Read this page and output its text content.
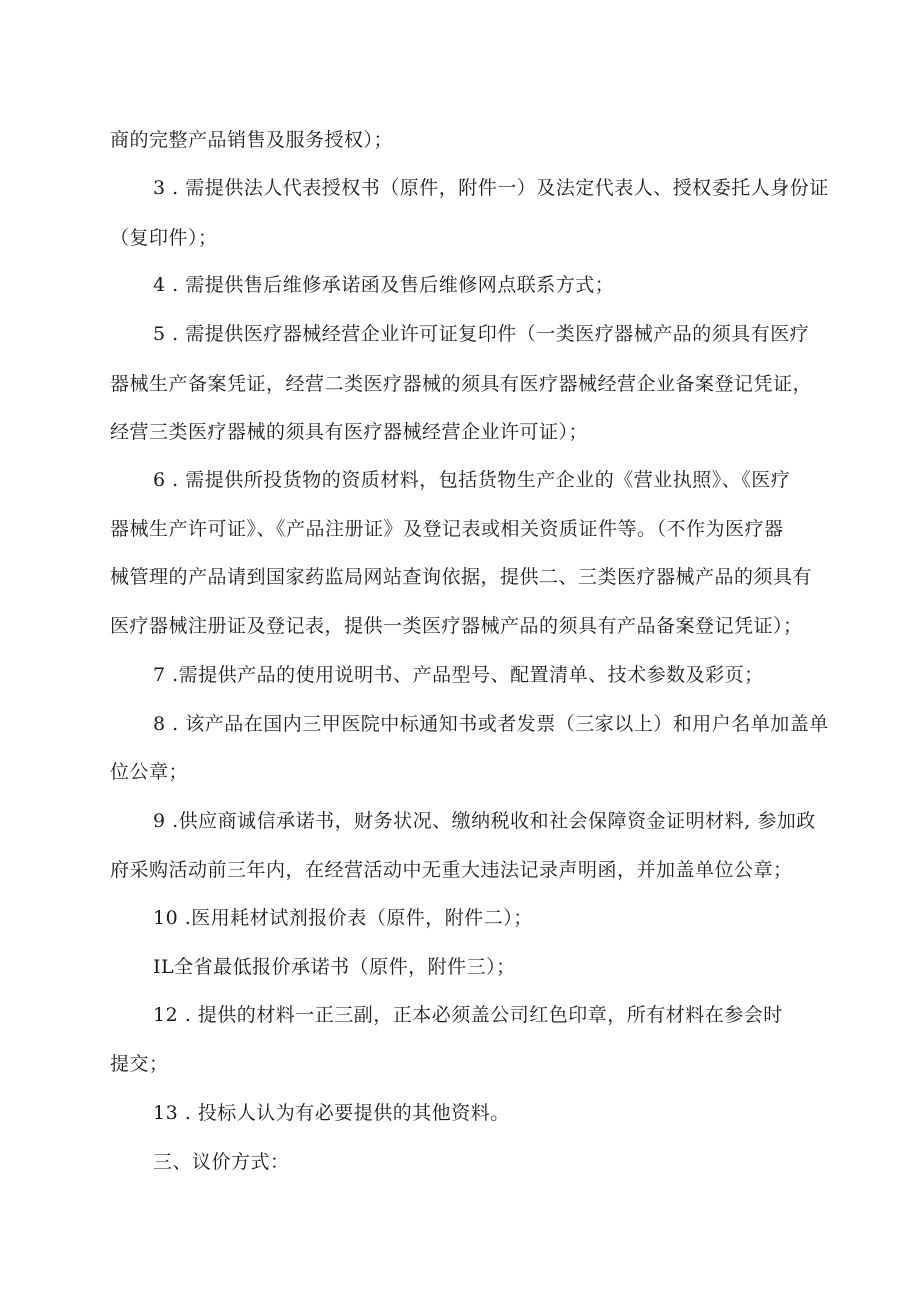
商的完整产品销售及服务授权）；
3 . 需提供法人代表授权书（原件，附件一）及法定代表人、授权委托人身份证
（复印件）；
4 . 需提供售后维修承诺函及售后维修网点联系方式；
5 . 需提供医疗器械经营企业许可证复印件（一类医疗器械产品的须具有医疗
器械生产备案凭证，经营二类医疗器械的须具有医疗器械经营企业备案登记凭证，
经营三类医疗器械的须具有医疗器械经营企业许可证）；
6 . 需提供所投货物的资质材料，包括货物生产企业的《营业执照》、《医疗
器械生产许可证》、《产品注册证》及登记表或相关资质证件等。（不作为医疗器
械管理的产品请到国家药监局网站查询依据，提供二、三类医疗器械产品的须具有
医疗器械注册证及登记表，提供一类医疗器械产品的须具有产品备案登记凭证）；
7 .需提供产品的使用说明书、产品型号、配置清单、技术参数及彩页；
8 . 该产品在国内三甲医院中标通知书或者发票（三家以上）和用户名单加盖单
位公章；
9 .供应商诚信承诺书，财务状况、缴纳税收和社会保障资金证明材料, 参加政
府采购活动前三年内，在经营活动中无重大违法记录声明函，并加盖单位公章；
10 .医用耗材试剂报价表（原件，附件二）；
IL全省最低报价承诺书（原件，附件三）；
12 . 提供的材料一正三副，正本必须盖公司红色印章，所有材料在参会时
提交；
13 . 投标人认为有必要提供的其他资料。
三、议价方式：
